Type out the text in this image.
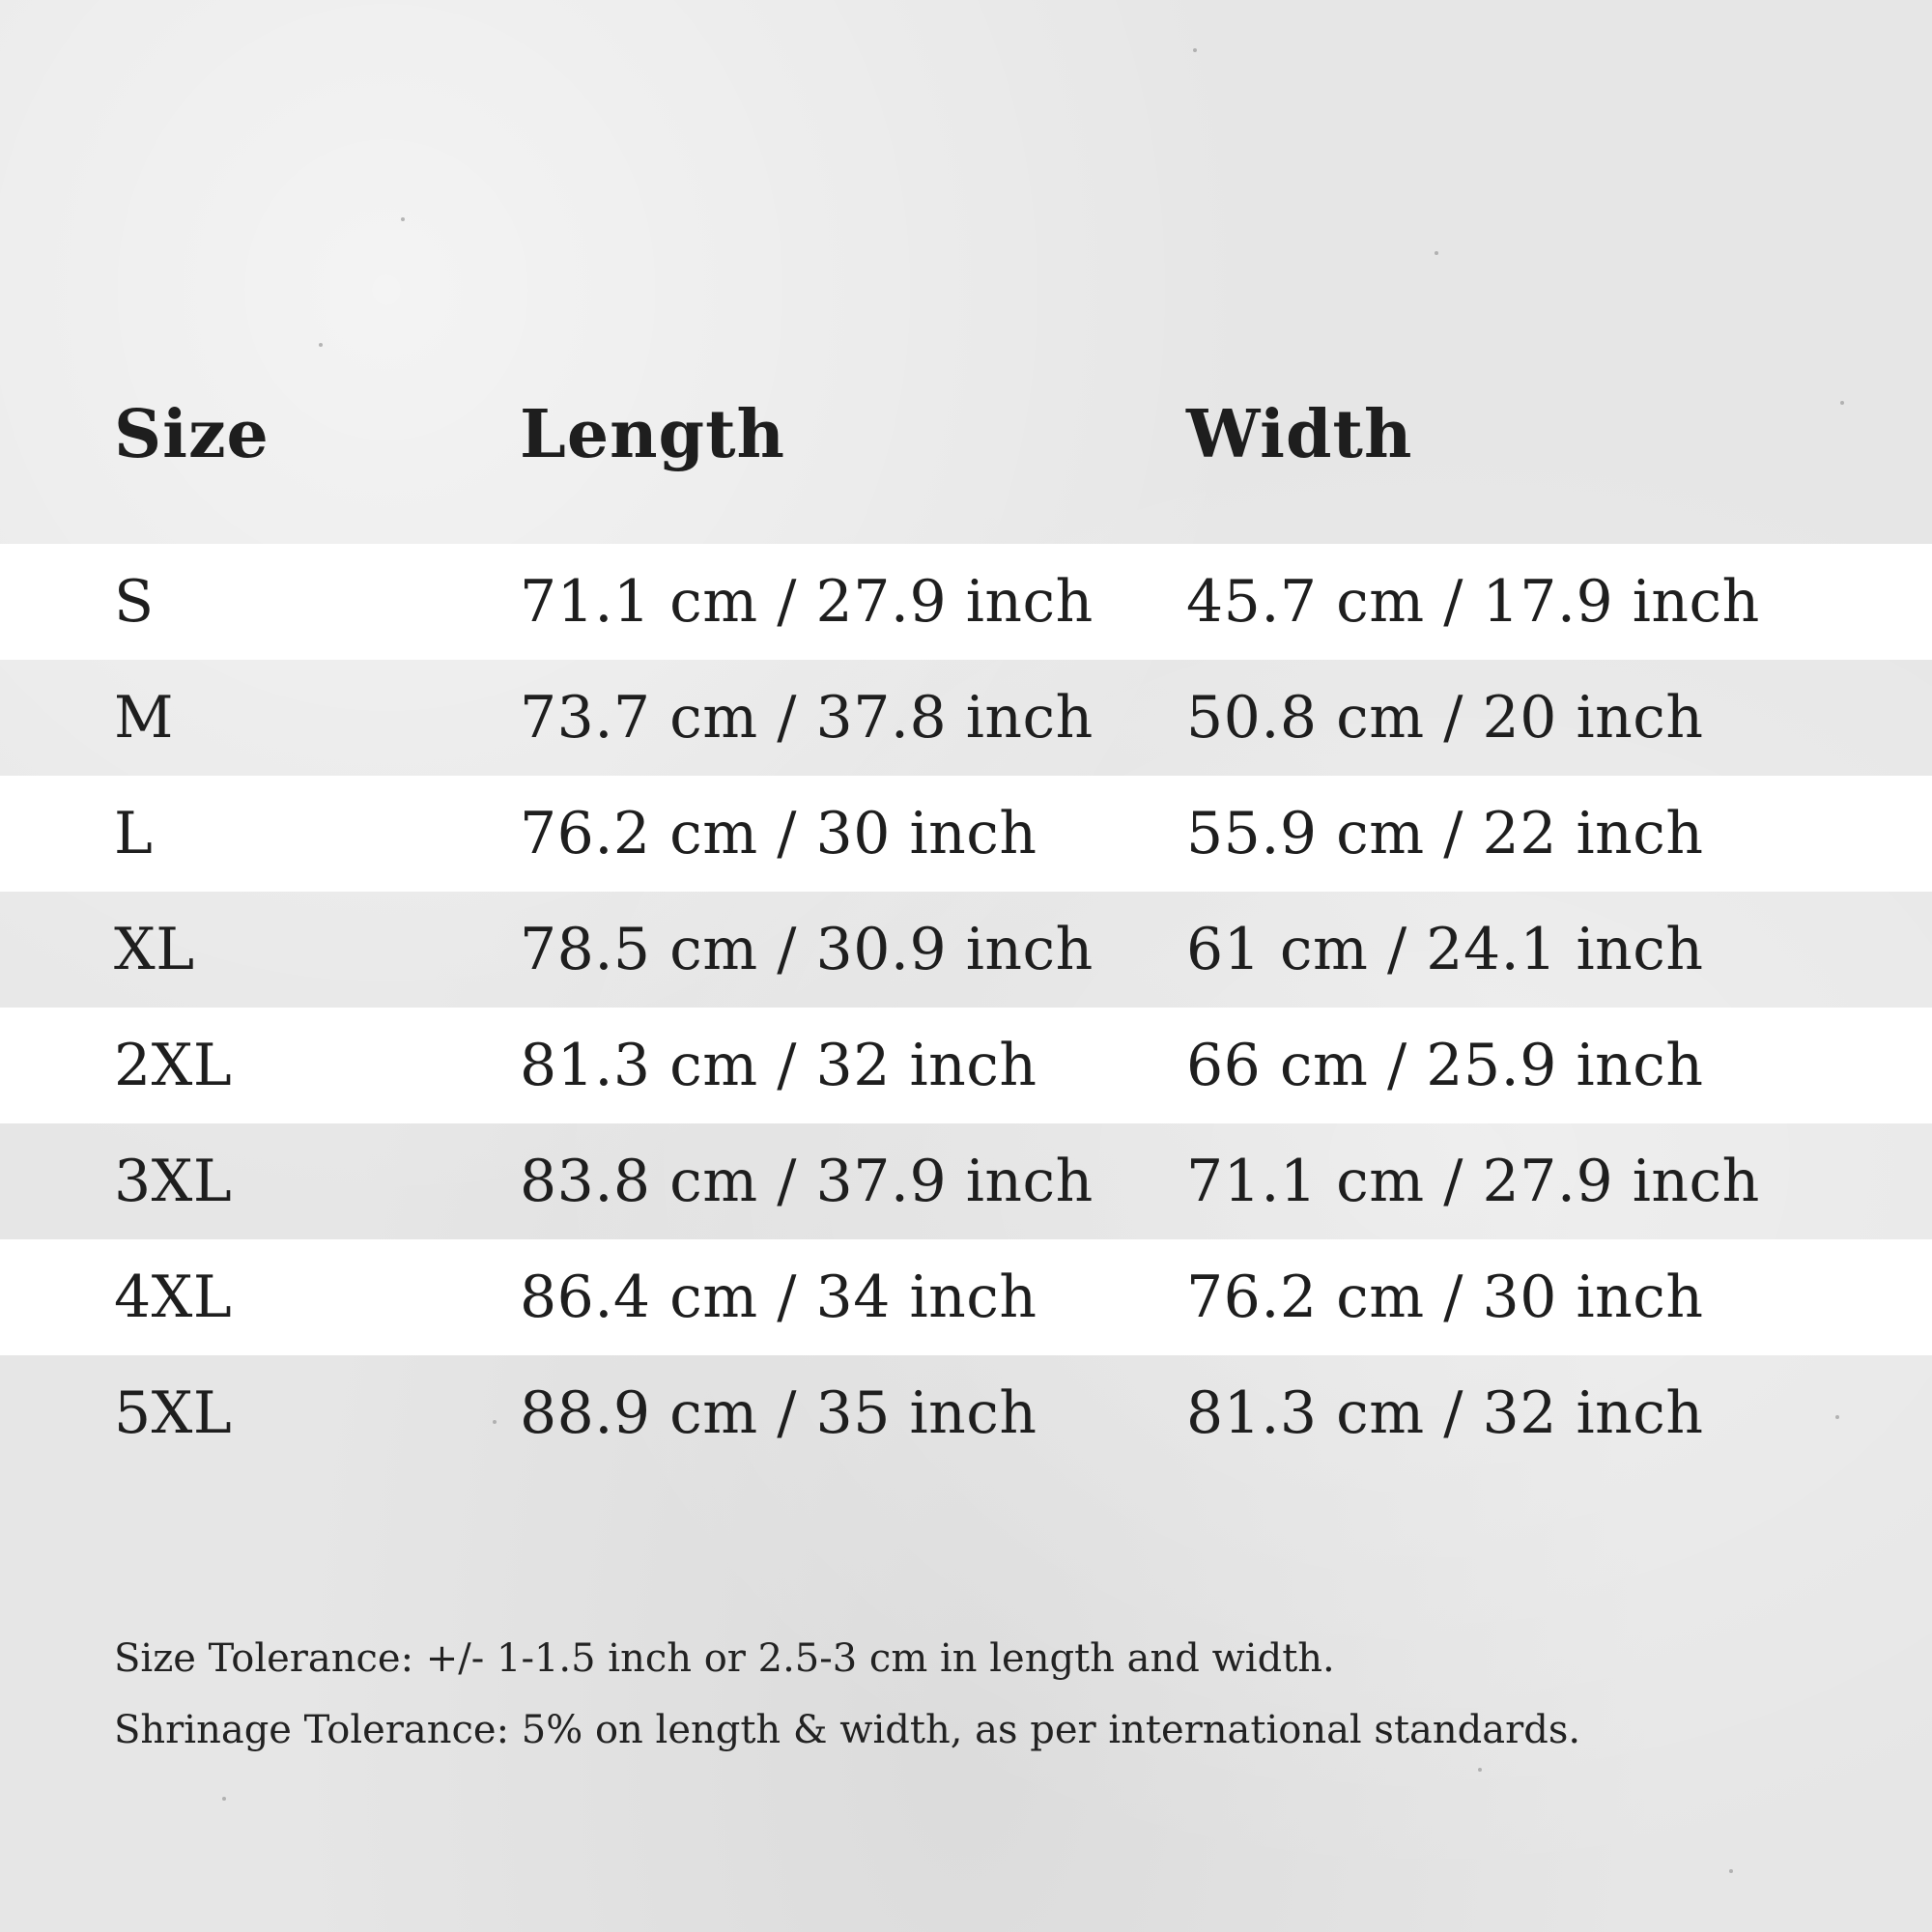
Size	Length	Width
S	71.1 cm / 27.9 inch 45.7 cm / 17.9 inch
M	73.7 cm / 37.8 inch 50.8 cm / 20 inch
L	76.2 cm / 30 inch	55.9 cm / 22 inch
XL	78.5 cm / 30.9 inch 61 cm / 24.1 inch
2XL	81.3 cm / 32 inch	66 cm / 25.9 inch
3XL	83.8 cm / 37.9 inch 71.1 cm / 27.9 inch
4XL	86.4 cm / 34 inch	76.2 cm / 30 inch
5XL	88.9 cm / 35 inch	81.3 cm / 32 inch
Size Tolerance: +/- 1-1.5 inch or 2.5-3 cm in length and width.
Shrinage Tolerance: 5% on length & width, as per international standards.
